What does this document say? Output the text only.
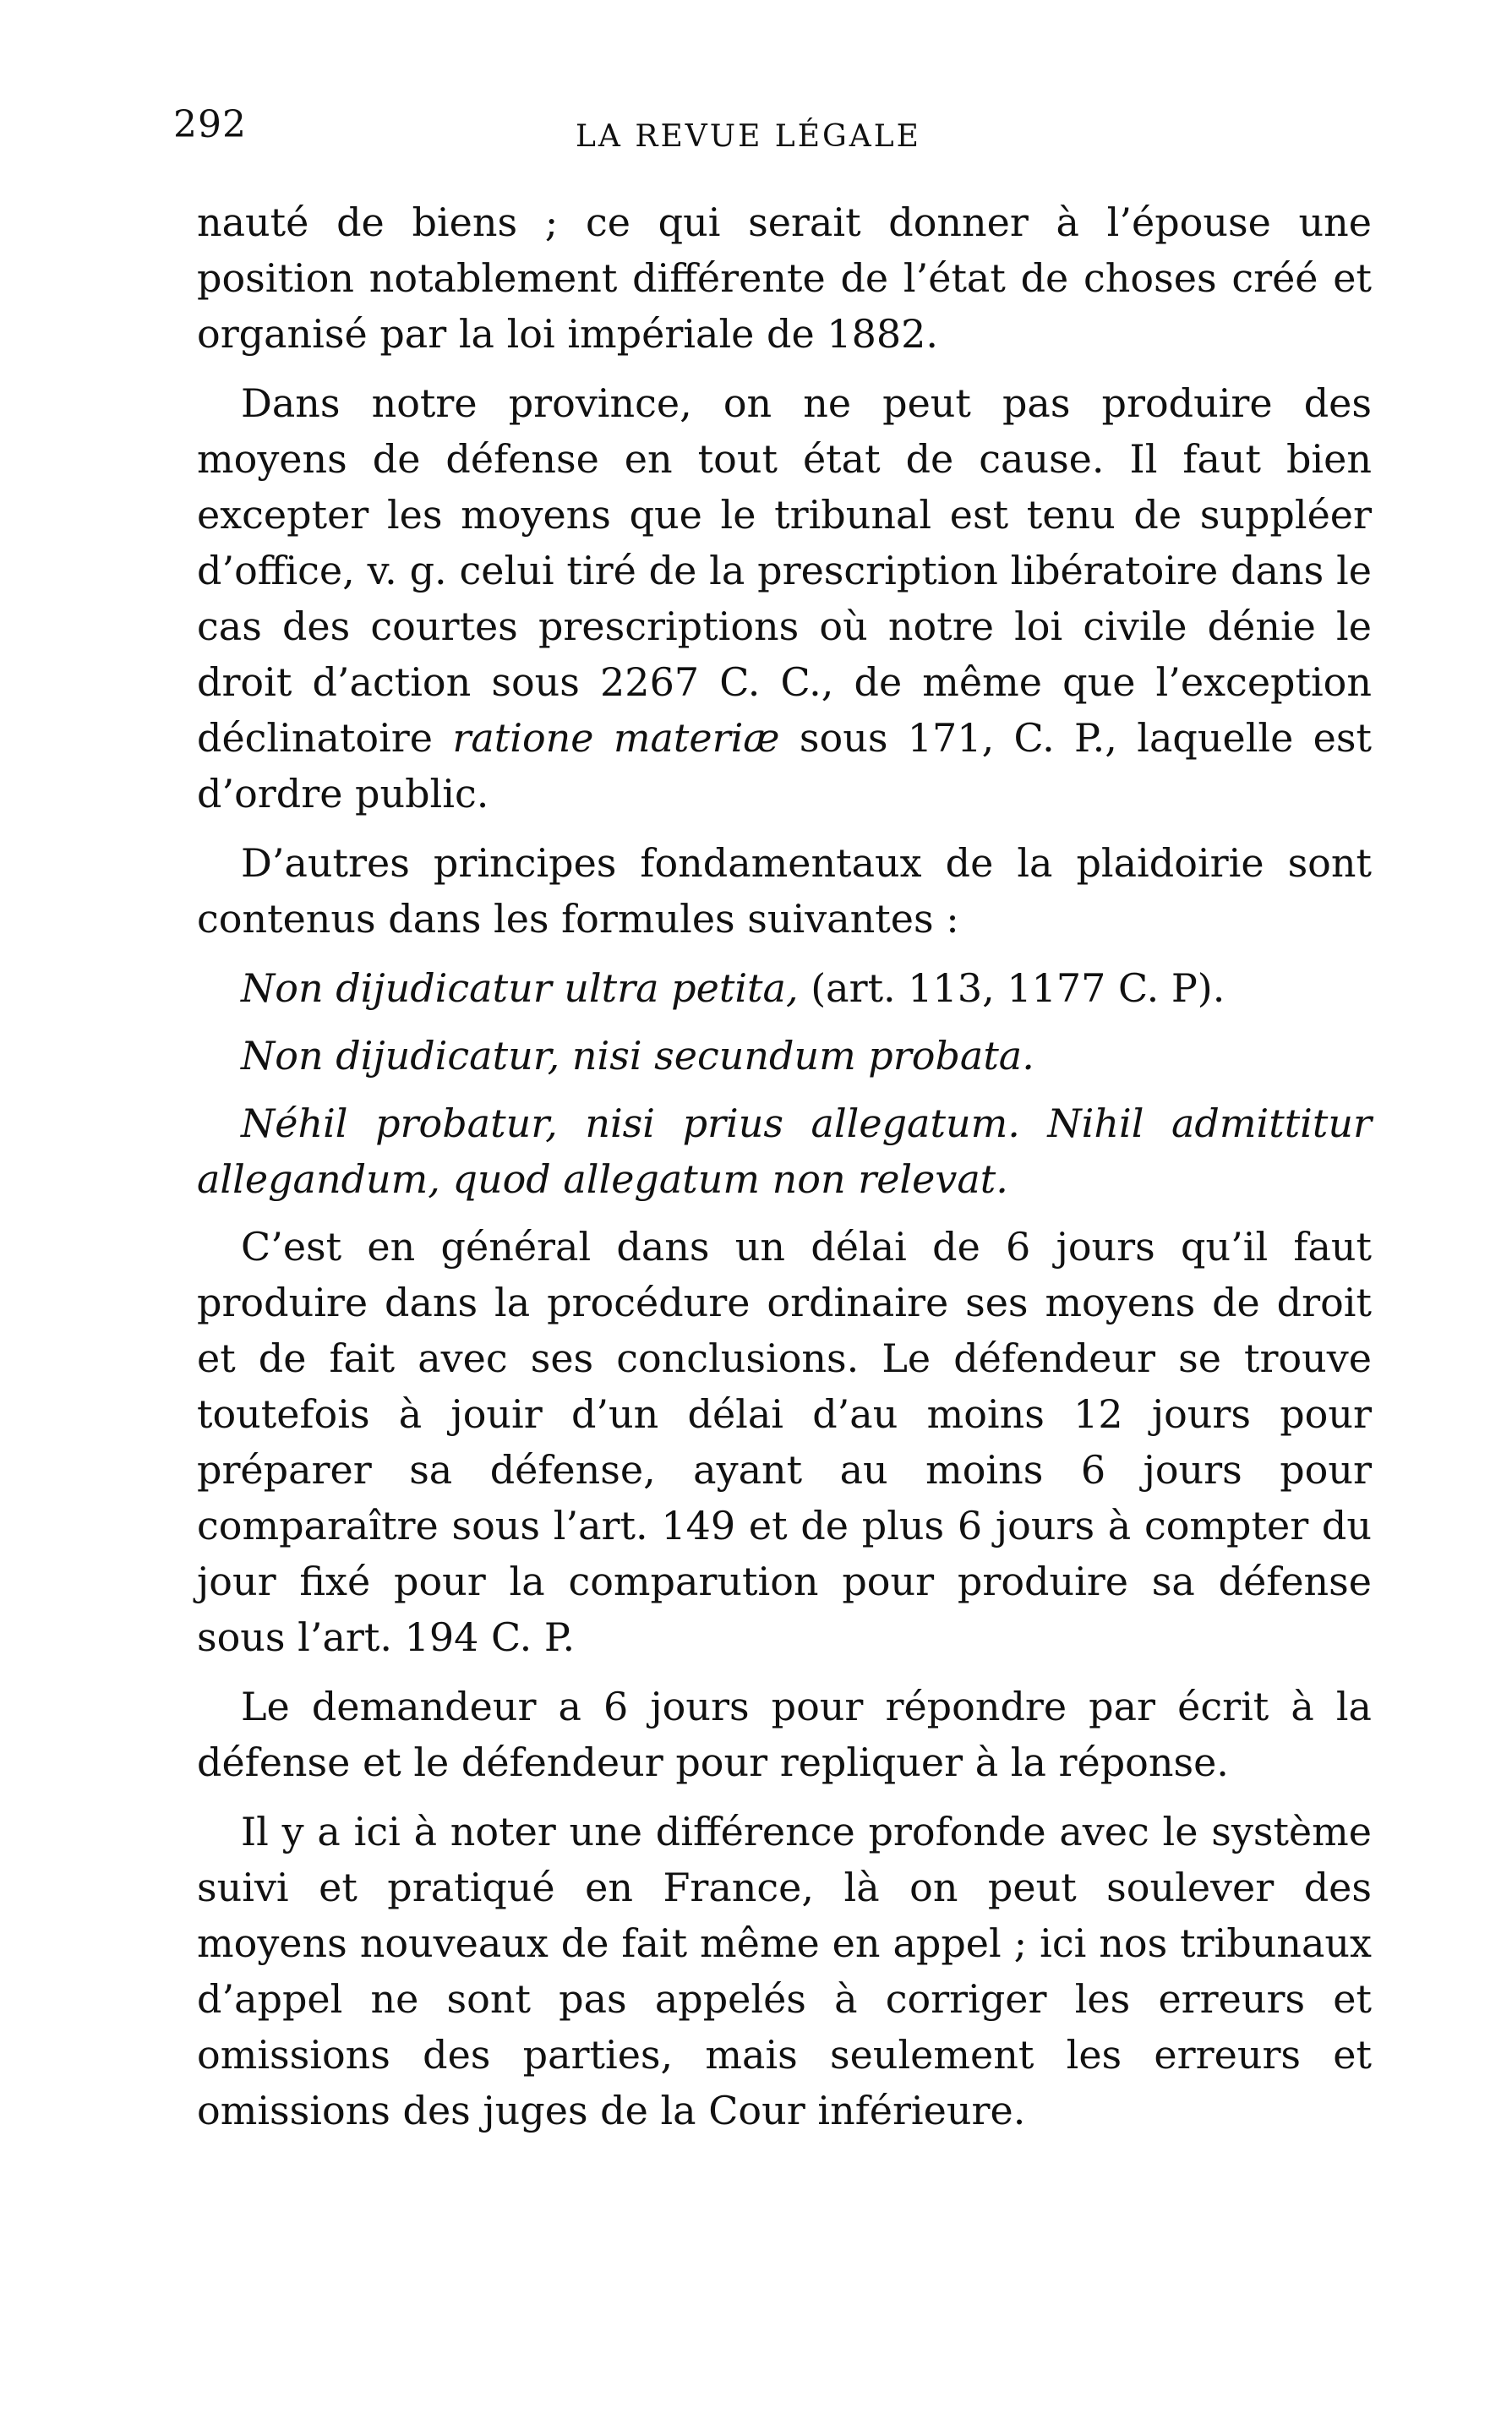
292	LA REVUE LÉGALE

nauté de biens ; ce qui serait donner à l’épouse une position notablement différente de l’état de choses créé et organisé par la loi impériale de 1882.

Dans notre province, on ne peut pas produire des moyens de défense en tout état de cause. Il faut bien excepter les moyens que le tribunal est tenu de suppléer d’office, v. g. celui tiré de la prescription libératoire dans le cas des courtes prescriptions où notre loi civile dénie le droit d’action sous 2267 C. C., de même que l’exception déclinatoire ratione materiæ sous 171, C. P., laquelle est d’ordre public.

D’autres principes fondamentaux de la plaidoirie sont contenus dans les formules suivantes :

Non dijudicatur ultra petita, (art. 113, 1177 C. P).

Non dijudicatur, nisi secundum probata.

Néhil probatur, nisi prius allegatum. Nihil admittitur allegandum, quod allegatum non relevat.

C’est en général dans un délai de 6 jours qu’il faut produire dans la procédure ordinaire ses moyens de droit et de fait avec ses conclusions. Le défendeur se trouve toutefois à jouir d’un délai d’au moins 12 jours pour préparer sa défense, ayant au moins 6 jours pour comparaître sous l’art. 149 et de plus 6 jours à compter du jour fixé pour la comparution pour produire sa défense sous l’art. 194 C. P.

Le demandeur a 6 jours pour répondre par écrit à la défense et le défendeur pour repliquer à la réponse.

Il y a ici à noter une différence profonde avec le système suivi et pratiqué en France, là on peut soulever des moyens nouveaux de fait même en appel ; ici nos tribunaux d’appel ne sont pas appelés à corriger les erreurs et omissions des parties, mais seulement les erreurs et omissions des juges de la Cour inférieure.
